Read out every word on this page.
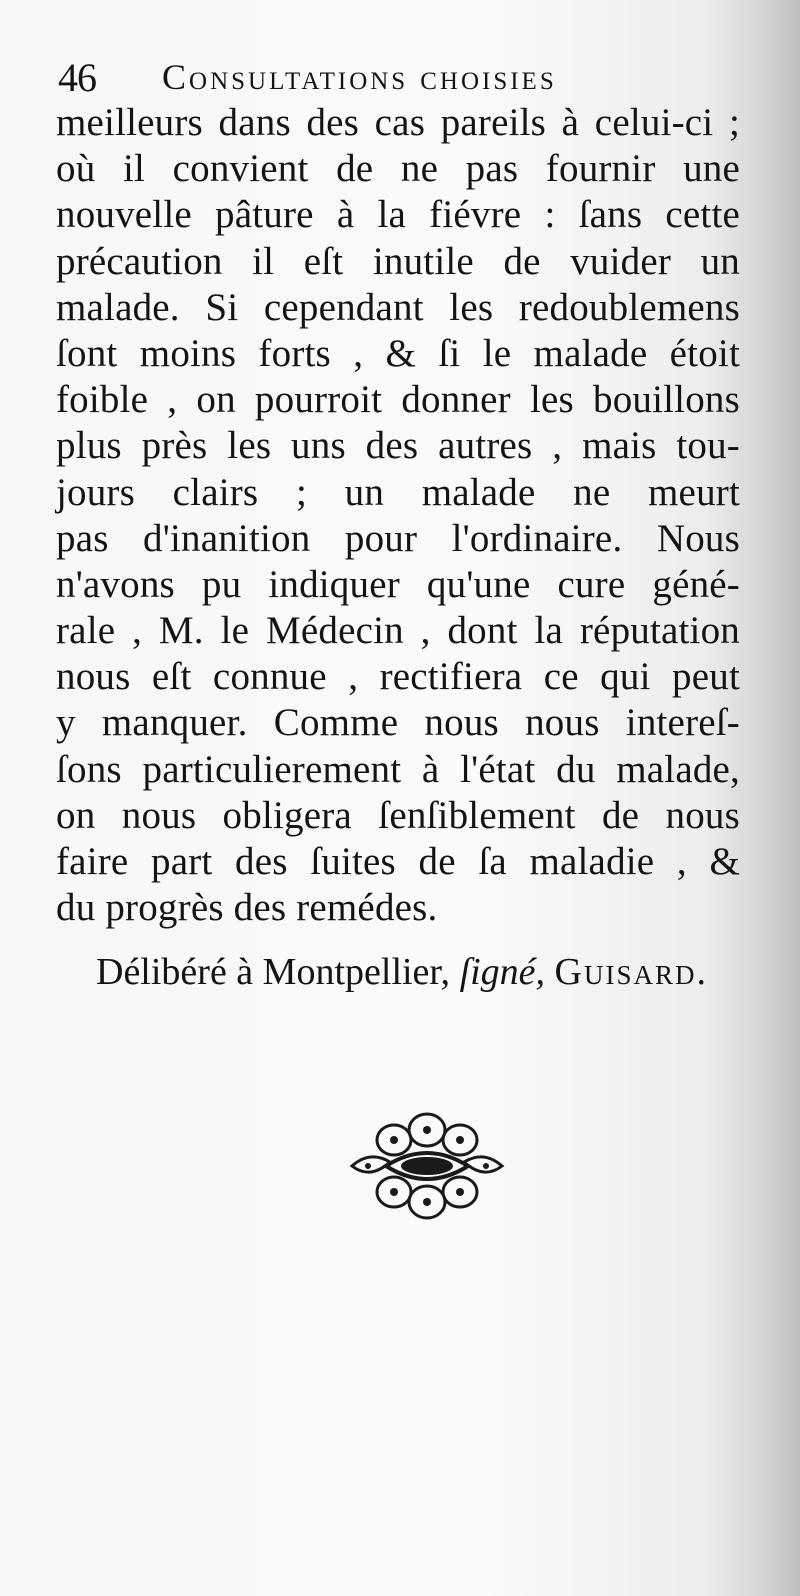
46 Consultations choisies
meilleurs dans des cas pareils à celui-ci ;
où il convient de ne pas fournir une
nouvelle pâture à la fiévre : ſans cette
précaution il eſt inutile de vuider un
malade. Si cependant les redoublemens
ſont moins forts , & ſi le malade étoit
foible , on pourroit donner les bouillons
plus près les uns des autres , mais tou-
jours clairs ; un malade ne meurt
pas d'inanition pour l'ordinaire. Nous
n'avons pu indiquer qu'une cure géné-
rale , M. le Médecin , dont la réputation
nous eſt connue , rectifiera ce qui peut
y manquer. Comme nous nous intereſ-
ſons particulierement à l'état du malade,
on nous obligera ſenſiblement de nous
faire part des ſuites de ſa maladie , &
du progrès des remédes.
Délibéré à Montpellier, ſigné, Guisard.
